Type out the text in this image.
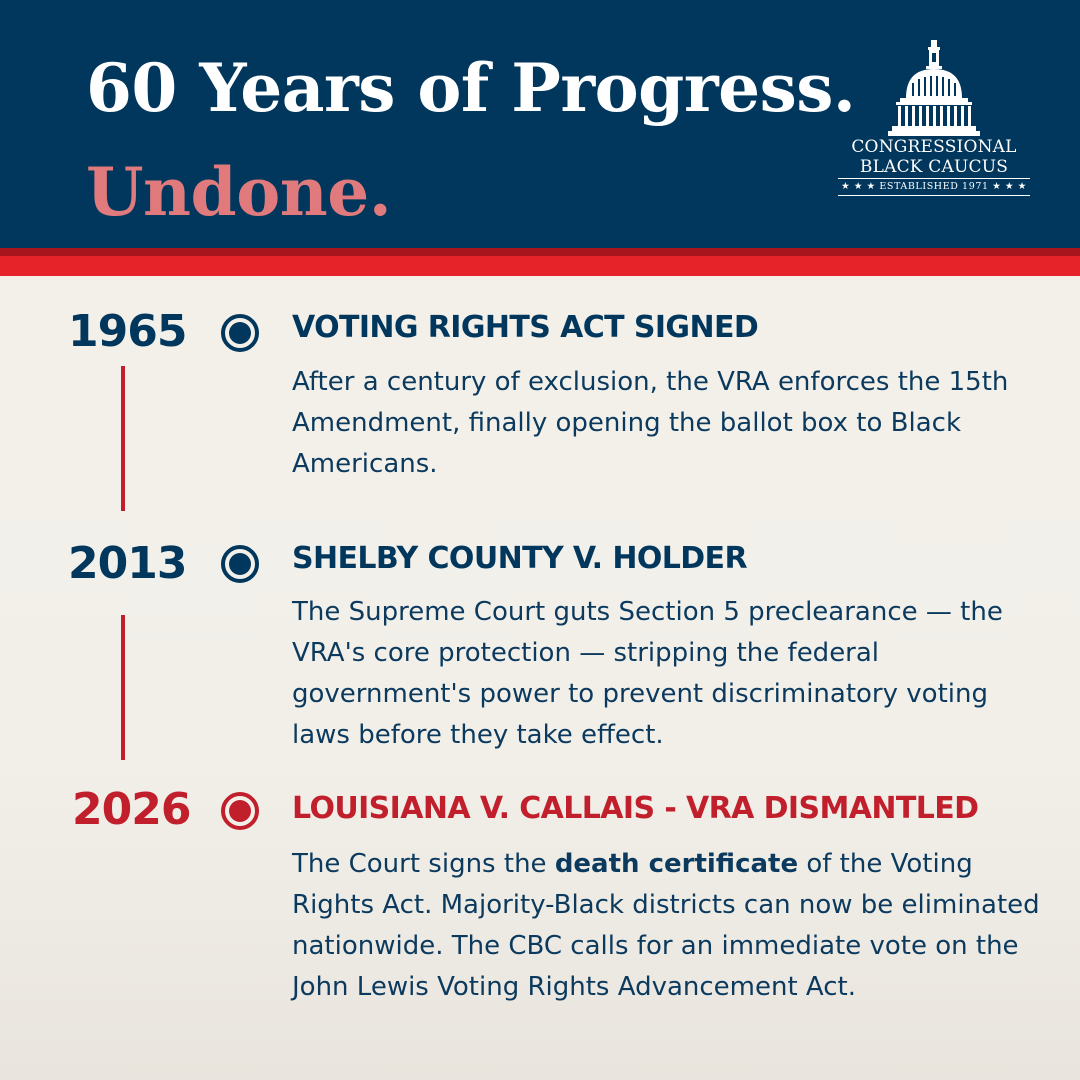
60 Years of Progress.
Undone.
CONGRESSIONAL
BLACK CAUCUS
★ ★ ★ ESTABLISHED 1971 ★ ★ ★
1965	VOTING RIGHTS ACT SIGNED

After a century of exclusion, the VRA enforces the 15th Amendment, finally opening the ballot box to Black Americans.

2013	SHELBY COUNTY V. HOLDER

The Supreme Court guts Section 5 preclearance — the VRA's core protection — stripping the federal government's power to prevent discriminatory voting laws before they take effect.

2026	LOUISIANA V. CALLAIS - VRA DISMANTLED

The Court signs the death certificate of the Voting Rights Act. Majority-Black districts can now be eliminated nationwide. The CBC calls for an immediate vote on the John Lewis Voting Rights Advancement Act.
